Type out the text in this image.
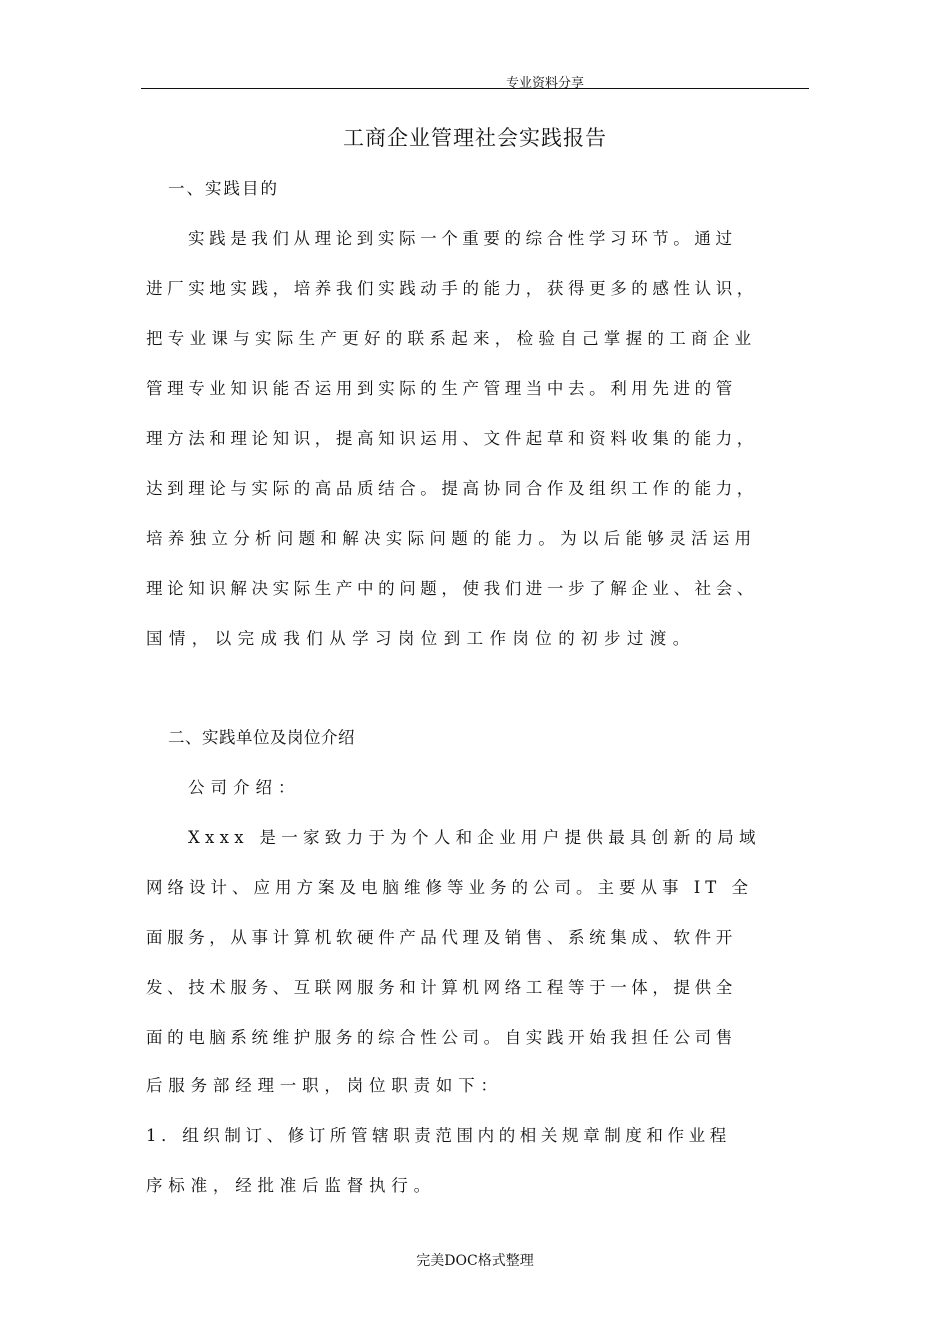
专业资料分享
工商企业管理社会实践报告
一、实践目的
实践是我们从理论到实际一个重要的综合性学习环节。通过
进厂实地实践，培养我们实践动手的能力，获得更多的感性认识，
把专业课与实际生产更好的联系起来，检验自己掌握的工商企业
管理专业知识能否运用到实际的生产管理当中去。利用先进的管
理方法和理论知识，提高知识运用、文件起草和资料收集的能力，
达到理论与实际的高品质结合。提高协同合作及组织工作的能力，
培养独立分析问题和解决实际问题的能力。为以后能够灵活运用
理论知识解决实际生产中的问题，使我们进一步了解企业、社会、
国情，以完成我们从学习岗位到工作岗位的初步过渡。
二、实践单位及岗位介绍
公司介绍：
Xxxx 是一家致力于为个人和企业用户提供最具创新的局域
网络设计、应用方案及电脑维修等业务的公司。主要从事 IT 全
面服务，从事计算机软硬件产品代理及销售、系统集成、软件开
发、技术服务、互联网服务和计算机网络工程等于一体，提供全
面的电脑系统维护服务的综合性公司。自实践开始我担任公司售
后服务部经理一职，岗位职责如下：
1．组织制订、修订所管辖职责范围内的相关规章制度和作业程
序标准，经批准后监督执行。
完美DOC格式整理
